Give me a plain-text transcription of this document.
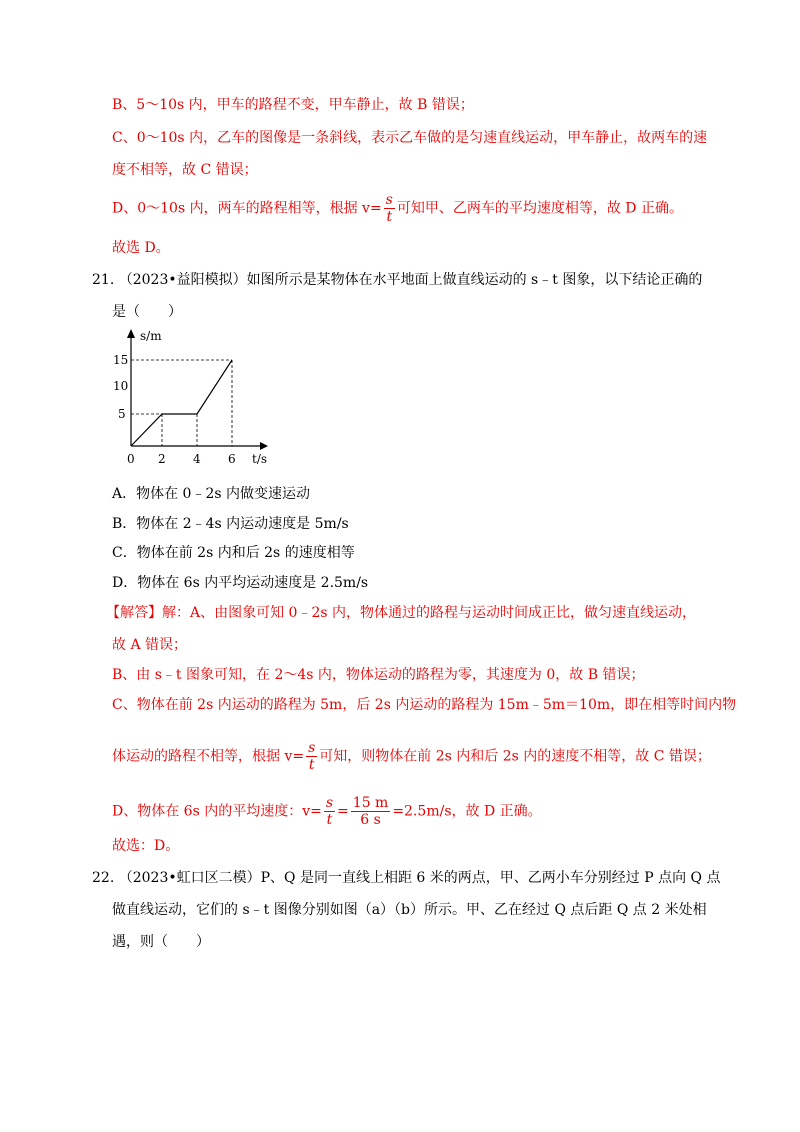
B、5～10s 内，甲车的路程不变，甲车静止，故 B 错误；
C、0～10s 内，乙车的图像是一条斜线，表示乙车做的是匀速直线运动，甲车静止，故两车的速
度不相等，故 C 错误；
D、0～10s 内，两车的路程相等，根据 $v= \frac{s}{t}$ 可知甲、乙两车的平均速度相等，故 D 正确。
故选 D。
21. （2023•益阳模拟）如图所示是某物体在水平地面上做直线运动的 s﹣t 图象，以下结论正确的
是（　　）
s/m
t/s
0 2 4 6
5
10
15
A．物体在 0﹣2s 内做变速运动
B．物体在 2﹣4s 内运动速度是 5m/s
C．物体在前 2s 内和后 2s 的速度相等
D．物体在 6s 内平均运动速度是 2.5m/s
【解答】解：A、由图象可知 0﹣2s 内，物体通过的路程与运动时间成正比，做匀速直线运动，
故 A 错误；
B、由 s﹣t 图象可知，在 2～4s 内，物体运动的路程为零，其速度为 0，故 B 错误；
C、物体在前 2s 内运动的路程为 5m，后 2s 内运动的路程为 15m﹣5m＝10m，即在相等时间内物
体运动的路程不相等，根据 $v= \frac{s}{t}$ 可知，则物体在前 2s 内和后 2s 内的速度不相等，故 C 错误；
D、物体在 6s 内的平均速度：$v= \frac{s}{t} = \frac{15 m}{6 s} =2.5m/s$，故 D 正确。
故选：D。
22. （2023•虹口区二模）P、Q 是同一直线上相距 6 米的两点，甲、乙两小车分别经过 P 点向 Q 点
做直线运动，它们的 s﹣t 图像分别如图（a）（b）所示。甲、乙在经过 Q 点后距 Q 点 2 米处相
遇，则（　　）
